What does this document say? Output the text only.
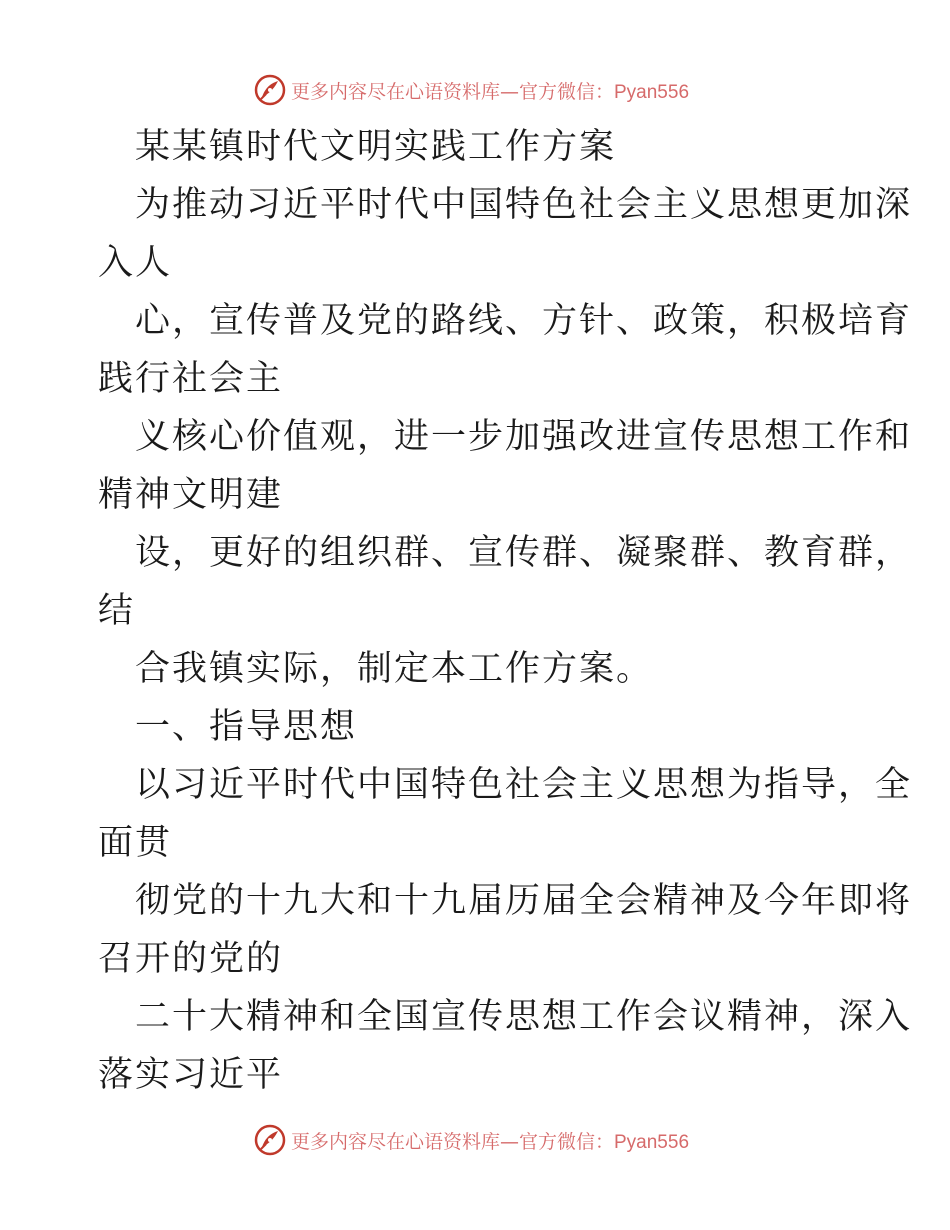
更多内容尽在心语资料库—官方微信：Pyan556
某某镇时代文明实践工作方案
为推动习近平时代中国特色社会主义思想更加深
入人
心，宣传普及党的路线、方针、政策，积极培育
践行社会主
义核心价值观，进一步加强改进宣传思想工作和
精神文明建
设，更好的组织群、宣传群、凝聚群、教育群，
结
合我镇实际，制定本工作方案。
一、指导思想
以习近平时代中国特色社会主义思想为指导，全
面贯
彻党的十九大和十九届历届全会精神及今年即将
召开的党的
二十大精神和全国宣传思想工作会议精神，深入
落实习近平
更多内容尽在心语资料库—官方微信：Pyan556
